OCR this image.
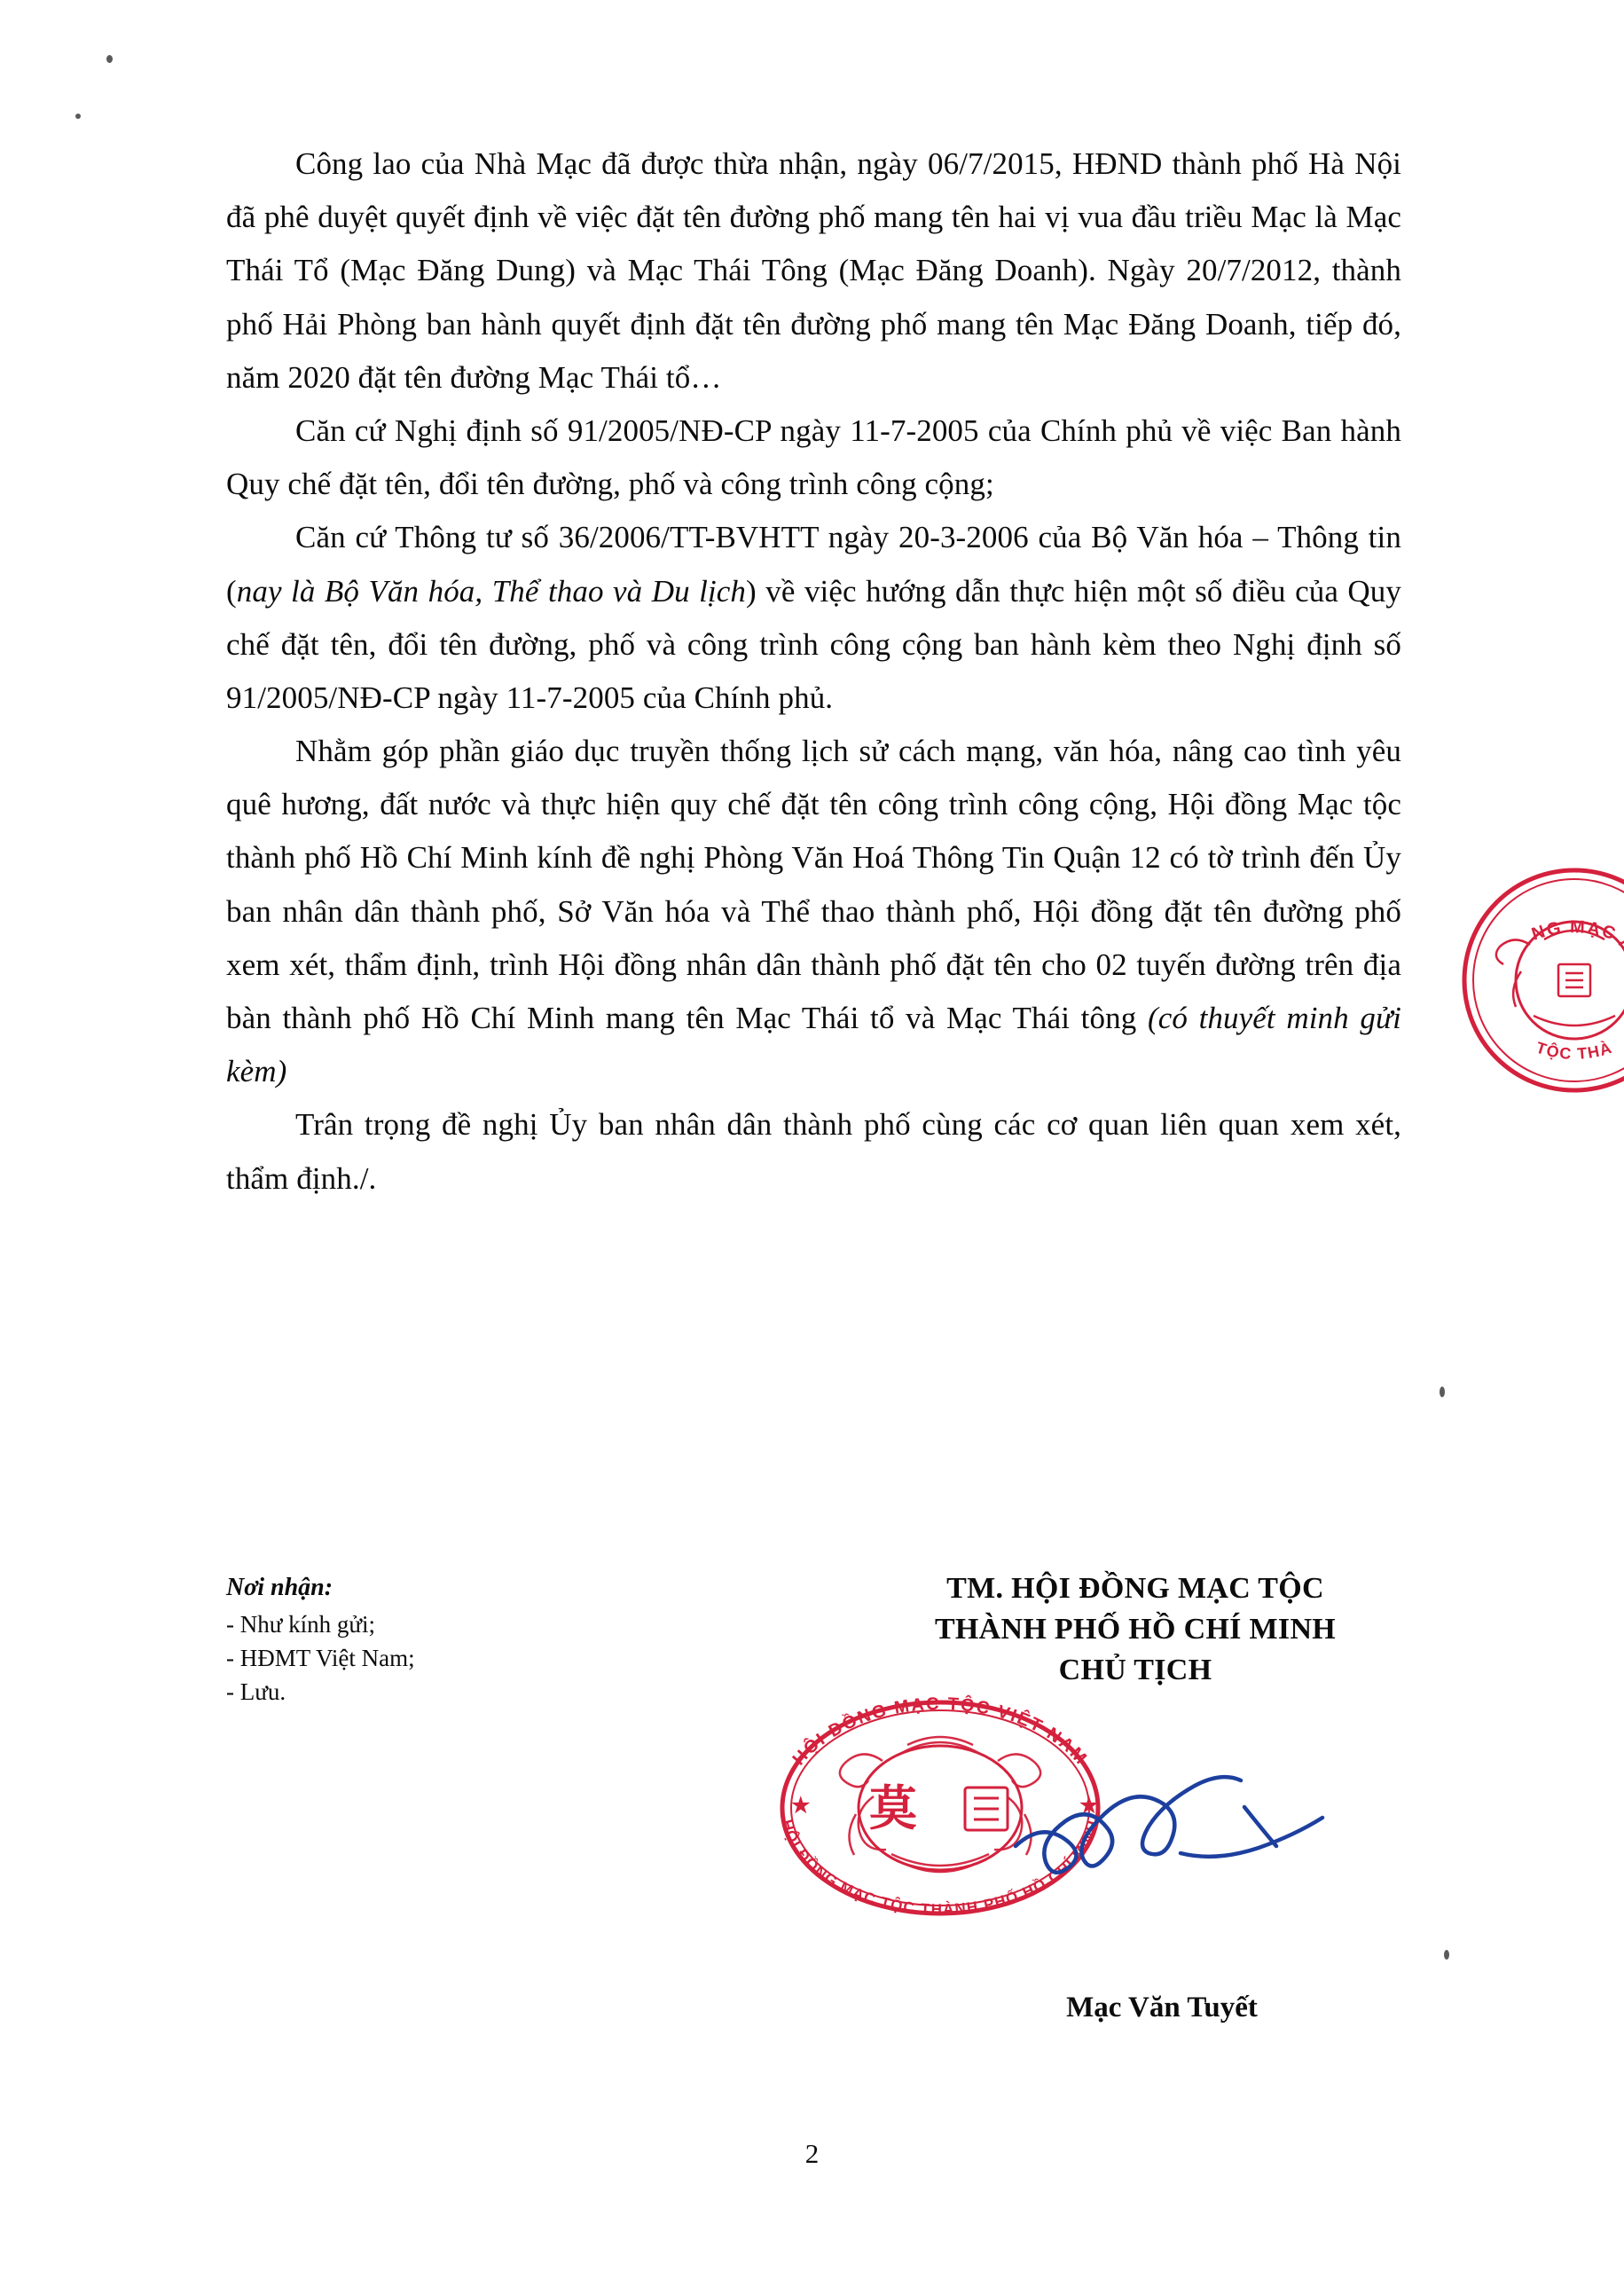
Công lao của Nhà Mạc đã được thừa nhận, ngày 06/7/2015, HĐND thành phố Hà Nội đã phê duyệt quyết định về việc đặt tên đường phố mang tên hai vị vua đầu triều Mạc là Mạc Thái Tổ (Mạc Đăng Dung) và Mạc Thái Tông (Mạc Đăng Doanh). Ngày 20/7/2012, thành phố Hải Phòng ban hành quyết định đặt tên đường phố mang tên Mạc Đăng Doanh, tiếp đó, năm 2020 đặt tên đường Mạc Thái tổ…

Căn cứ Nghị định số 91/2005/NĐ-CP ngày 11-7-2005 của Chính phủ về việc Ban hành Quy chế đặt tên, đổi tên đường, phố và công trình công cộng;

Căn cứ Thông tư số 36/2006/TT-BVHTT ngày 20-3-2006 của Bộ Văn hóa – Thông tin (nay là Bộ Văn hóa, Thể thao và Du lịch) về việc hướng dẫn thực hiện một số điều của Quy chế đặt tên, đổi tên đường, phố và công trình công cộng ban hành kèm theo Nghị định số 91/2005/NĐ-CP ngày 11-7-2005 của Chính phủ.

Nhằm góp phần giáo dục truyền thống lịch sử cách mạng, văn hóa, nâng cao tình yêu quê hương, đất nước và thực hiện quy chế đặt tên công trình công cộng, Hội đồng Mạc tộc thành phố Hồ Chí Minh kính đề nghị Phòng Văn Hoá Thông Tin Quận 12 có tờ trình đến Ủy ban nhân dân thành phố, Sở Văn hóa và Thể thao thành phố, Hội đồng đặt tên đường phố xem xét, thẩm định, trình Hội đồng nhân dân thành phố đặt tên cho 02 tuyến đường trên địa bàn thành phố Hồ Chí Minh mang tên Mạc Thái tổ và Mạc Thái tông (có thuyết minh gửi kèm)

Trân trọng đề nghị Ủy ban nhân dân thành phố cùng các cơ quan liên quan xem xét, thẩm định./.

Nơi nhận:
- Như kính gửi;
- HĐMT Việt Nam;
- Lưu.
TM. HỘI ĐỒNG MẠC TỘC
THÀNH PHỐ HỒ CHÍ MINH
CHỦ TỊCH
HỘI ĐỒNG MẠC TỘC VIỆT NAM
HỘI ĐỒNG MẠC TỘC THÀNH PHỐ HỒ CHÍ MINH
莫
★	★
NG MẠC
TỘC THÀ
Mạc Văn Tuyết
2
